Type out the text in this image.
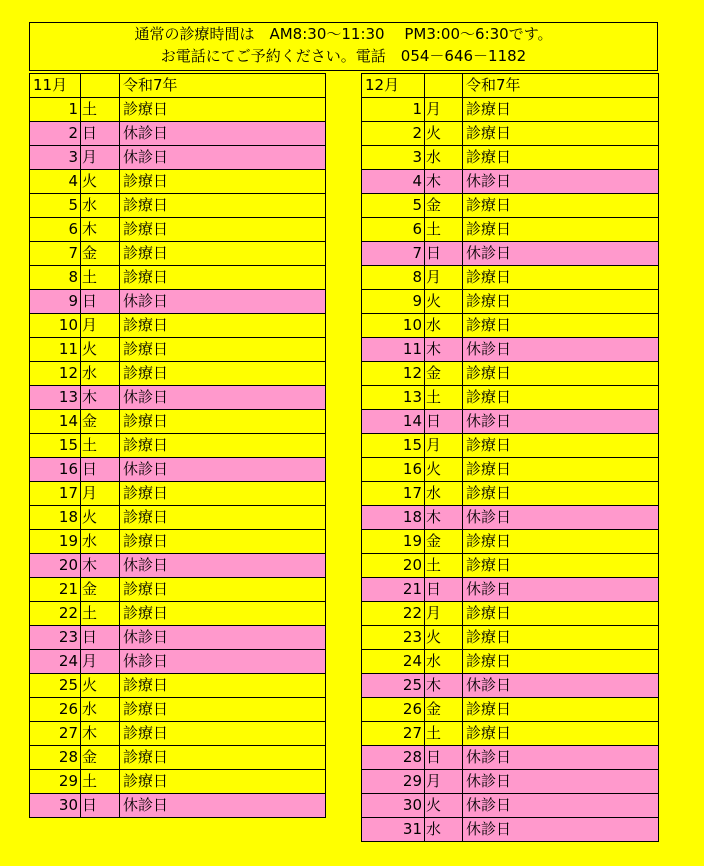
通常の診療時間は　AM8:30～11:30　 PM3:00～6:30です。
お電話にてご予約ください。電話　054－646－1182
11月		令和7年
1	土	診療日
2	日	休診日
3	月	休診日
4	火	診療日
5	水	診療日
6	木	診療日
7	金	診療日
8	土	診療日
9	日	休診日
10	月	診療日
11	火	診療日
12	水	診療日
13	木	休診日
14	金	診療日
15	土	診療日
16	日	休診日
17	月	診療日
18	火	診療日
19	水	診療日
20	木	休診日
21	金	診療日
22	土	診療日
23	日	休診日
24	月	休診日
25	火	診療日
26	水	診療日
27	木	診療日
28	金	診療日
29	土	診療日
30	日	休診日
12月		令和7年
1	月	診療日
2	火	診療日
3	水	診療日
4	木	休診日
5	金	診療日
6	土	診療日
7	日	休診日
8	月	診療日
9	火	診療日
10	水	診療日
11	木	休診日
12	金	診療日
13	土	診療日
14	日	休診日
15	月	診療日
16	火	診療日
17	水	診療日
18	木	休診日
19	金	診療日
20	土	診療日
21	日	休診日
22	月	診療日
23	火	診療日
24	水	診療日
25	木	休診日
26	金	診療日
27	土	診療日
28	日	休診日
29	月	休診日
30	火	休診日
31	水	休診日
